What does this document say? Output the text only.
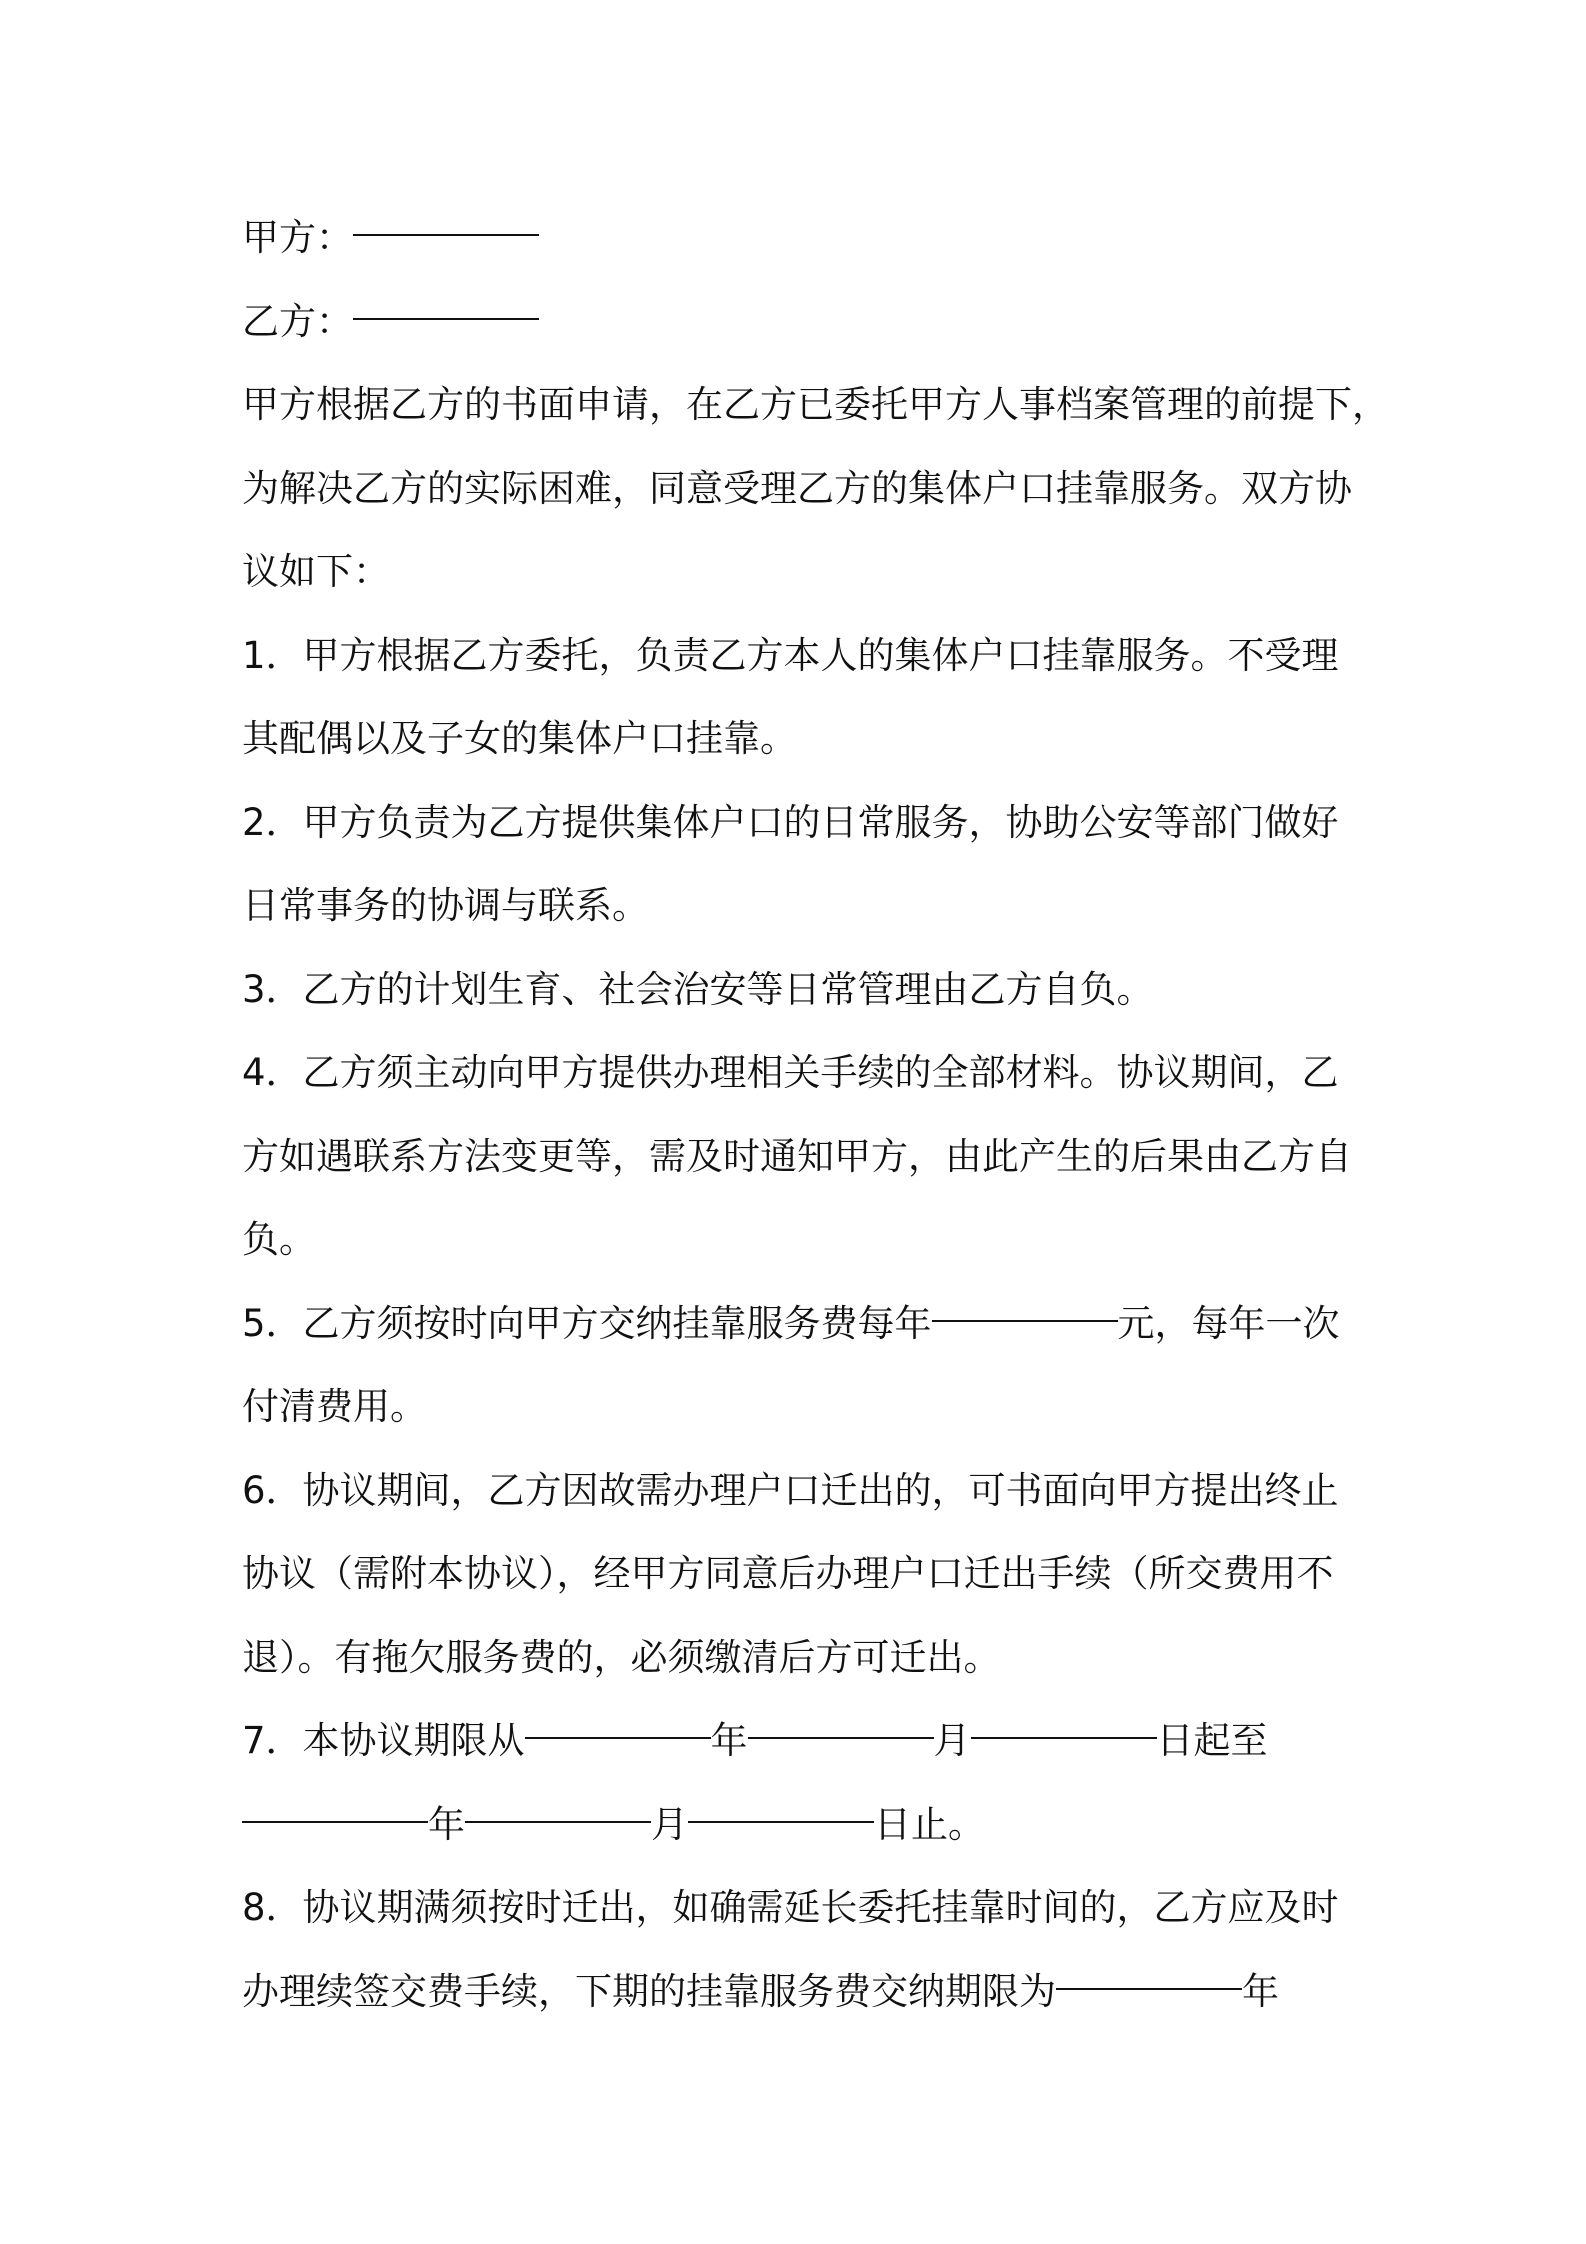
甲方：
乙方：
甲方根据乙方的书面申请，在乙方已委托甲方人事档案管理的前提下，
为解决乙方的实际困难，同意受理乙方的集体户口挂靠服务。双方协
议如下：
1．甲方根据乙方委托，负责乙方本人的集体户口挂靠服务。不受理
其配偶以及子女的集体户口挂靠。
2．甲方负责为乙方提供集体户口的日常服务，协助公安等部门做好
日常事务的协调与联系。
3．乙方的计划生育、社会治安等日常管理由乙方自负。
4．乙方须主动向甲方提供办理相关手续的全部材料。协议期间，乙
方如遇联系方法变更等，需及时通知甲方，由此产生的后果由乙方自
负。
5．乙方须按时向甲方交纳挂靠服务费每年	元，每年一次
付清费用。
6．协议期间，乙方因故需办理户口迁出的，可书面向甲方提出终止
协议（需附本协议），经甲方同意后办理户口迁出手续（所交费用不
退）。有拖欠服务费的，必须缴清后方可迁出。
7．本协议期限从	年	月	日起至
年	月	日止。
8．协议期满须按时迁出，如确需延长委托挂靠时间的，乙方应及时
办理续签交费手续，下期的挂靠服务费交纳期限为	年
